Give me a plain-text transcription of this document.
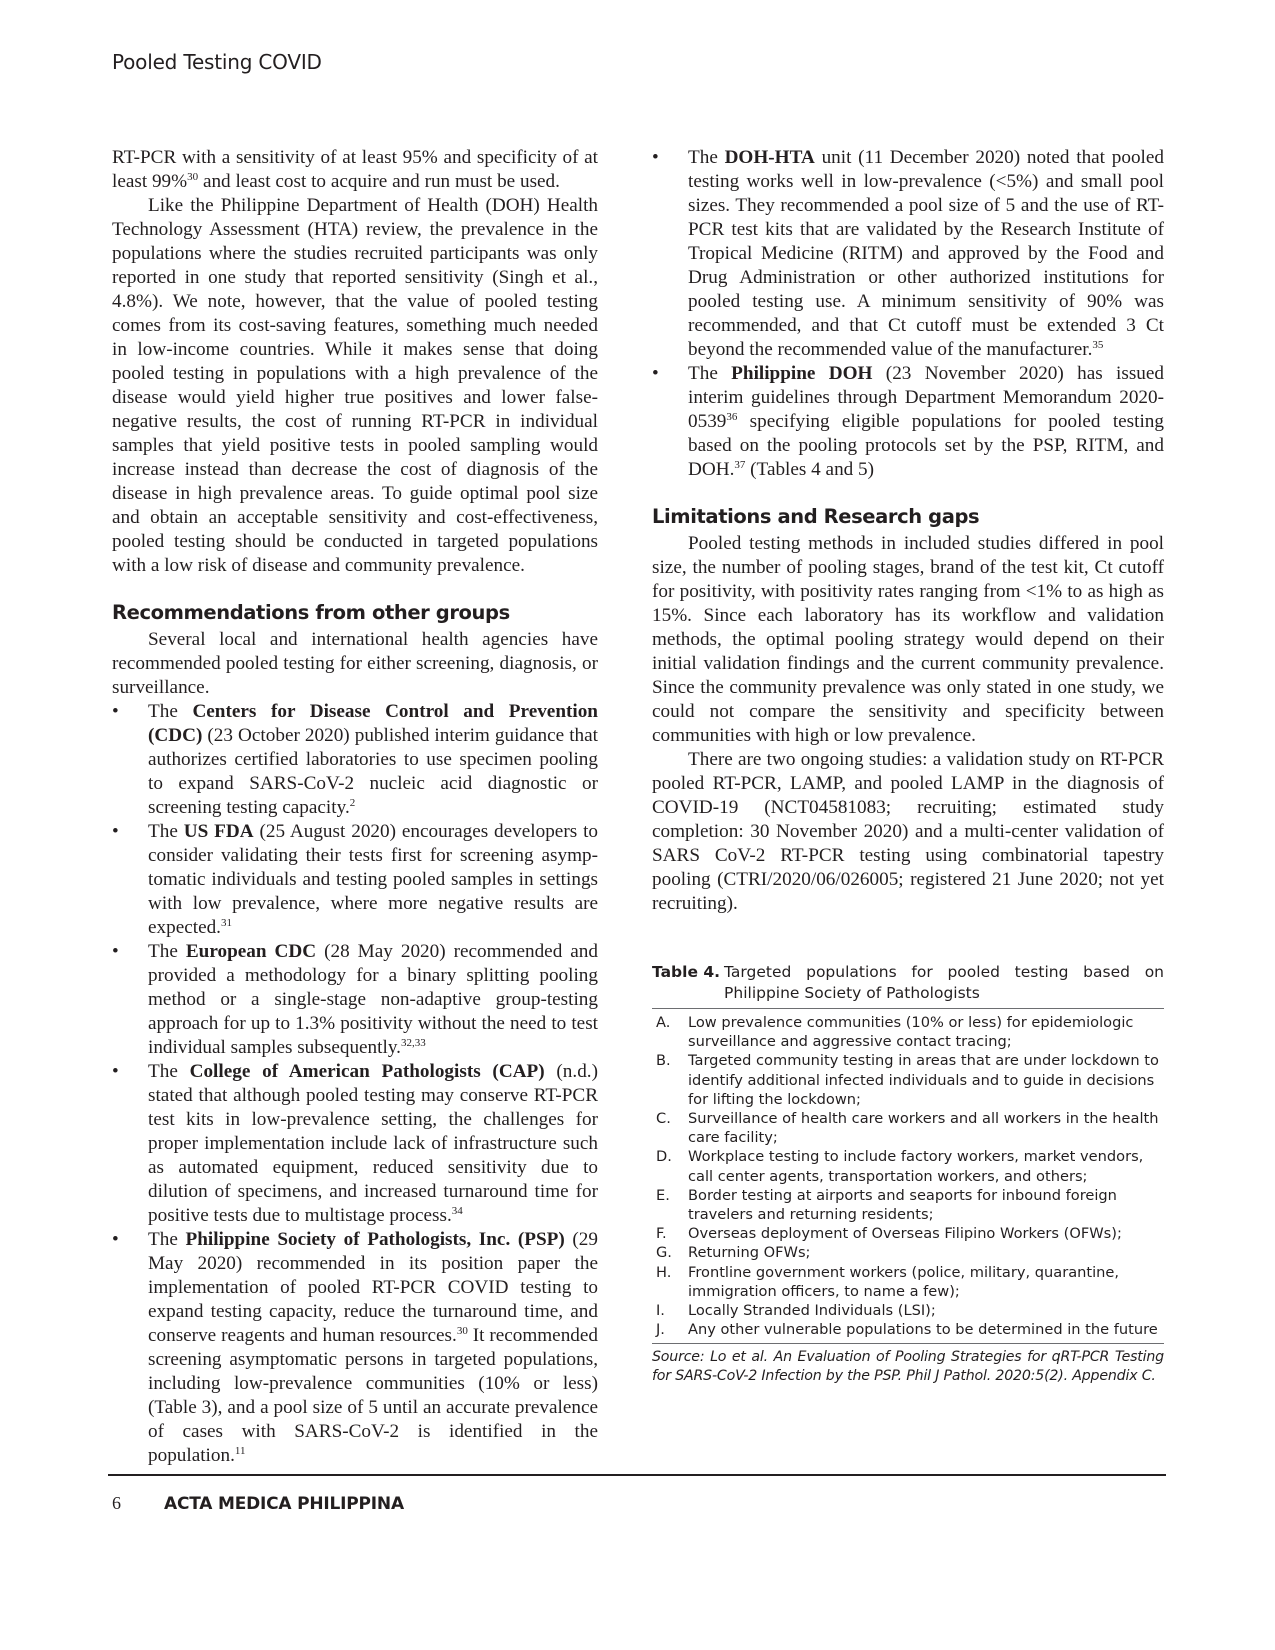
Pooled Testing COVID

RT-PCR with a sensitivity of at least 95% and specificity of at least 99%$^{30}$ and least cost to acquire and run must be used.

Like the Philippine Department of Health (DOH) Health Technology Assessment (HTA) review, the prevalence in the populations where the studies recruited participants was only reported in one study that reported sensitivity (Singh et al., 4.8%). We note, however, that the value of pooled testing comes from its cost-saving features, something much needed in low-income countries. While it makes sense that doing pooled testing in populations with a high prevalence of the disease would yield higher true positives and lower false-negative results, the cost of running RT-PCR in individual samples that yield positive tests in pooled sampling would increase instead than decrease the cost of diagnosis of the disease in high prevalence areas. To guide optimal pool size and obtain an acceptable sensitivity and cost-effectiveness, pooled testing should be conducted in targeted populations with a low risk of disease and community prevalence.

Recommendations from other groups

Several local and international health agencies have recommended pooled testing for either screening, diagnosis, or surveillance.

•	The Centers for Disease Control and Prevention (CDC) (23 October 2020) published interim guidance that authorizes certified laboratories to use specimen pooling to expand SARS-CoV-2 nucleic acid diagnostic or screening testing capacity.$^2$
•	The US FDA (25 August 2020) encourages developers to consider validating their tests first for screening asymp-tomatic individuals and testing pooled samples in settings with low prevalence, where more negative results are expected.$^{31}$
•	The European CDC (28 May 2020) recommended and provided a methodology for a binary splitting pooling method or a single-stage non-adaptive group-testing approach for up to 1.3% positivity without the need to test individual samples subsequently.$^{32,33}$
•	The College of American Pathologists (CAP) (n.d.) stated that although pooled testing may conserve RT-PCR test kits in low-prevalence setting, the challenges for proper implementation include lack of infrastructure such as automated equipment, reduced sensitivity due to dilution of specimens, and increased turnaround time for positive tests due to multistage process.$^{34}$
•	The Philippine Society of Pathologists, Inc. (PSP) (29 May 2020) recommended in its position paper the implementation of pooled RT-PCR COVID testing to expand testing capacity, reduce the turnaround time, and conserve reagents and human resources.$^{30}$ It recommended screening asymptomatic persons in targeted populations, including low-prevalence communities (10% or less) (Table 3), and a pool size of 5 until an accurate prevalence of cases with SARS-CoV-2 is identified in the population.$^{11}$
•	The DOH-HTA unit (11 December 2020) noted that pooled testing works well in low-prevalence (<5%) and small pool sizes. They recommended a pool size of 5 and the use of RT-PCR test kits that are validated by the Research Institute of Tropical Medicine (RITM) and approved by the Food and Drug Administration or other authorized institutions for pooled testing use. A minimum sensitivity of 90% was recommended, and that Ct cutoff must be extended 3 Ct beyond the recommended value of the manufacturer.$^{35}$
•	The Philippine DOH (23 November 2020) has issued interim guidelines through Department Memorandum 2020-0539$^{36}$ specifying eligible populations for pooled testing based on the pooling protocols set by the PSP, RITM, and DOH.$^{37}$ (Tables 4 and 5)
Limitations and Research gaps

Pooled testing methods in included studies differed in pool size, the number of pooling stages, brand of the test kit, Ct cutoff for positivity, with positivity rates ranging from <1% to as high as 15%. Since each laboratory has its workflow and validation methods, the optimal pooling strategy would depend on their initial validation findings and the current community prevalence. Since the community prevalence was only stated in one study, we could not compare the sensitivity and specificity between communities with high or low prevalence.

There are two ongoing studies: a validation study on RT-PCR pooled RT-PCR, LAMP, and pooled LAMP in the diagnosis of COVID-19 (NCT04581083; recruiting; estimated study completion: 30 November 2020) and a multi-center validation of SARS CoV-2 RT-PCR testing using combinatorial tapestry pooling (CTRI/2020/06/026005; registered 21 June 2020; not yet recruiting).

Table 4. Targeted populations for pooled testing based on Philippine Society of Pathologists
A.	Low prevalence communities (10% or less) for epidemiologic surveillance and aggressive contact tracing;
B.	Targeted community testing in areas that are under lockdown to identify additional infected individuals and to guide in decisions for lifting the lockdown;
C.	Surveillance of health care workers and all workers in the health care facility;
D.	Workplace testing to include factory workers, market vendors, call center agents, transportation workers, and others;
E.	Border testing at airports and seaports for inbound foreign travelers and returning residents;
F.	Overseas deployment of Overseas Filipino Workers (OFWs);
G.	Returning OFWs;
H.	Frontline government workers (police, military, quarantine, immigration officers, to name a few);
I.	Locally Stranded Individuals (LSI);
J.	Any other vulnerable populations to be determined in the future
Source: Lo et al. An Evaluation of Pooling Strategies for qRT-PCR Testing for SARS-CoV-2 Infection by the PSP. Phil J Pathol. 2020:5(2). Appendix C.
6	ACTA MEDICA PHILIPPINA
